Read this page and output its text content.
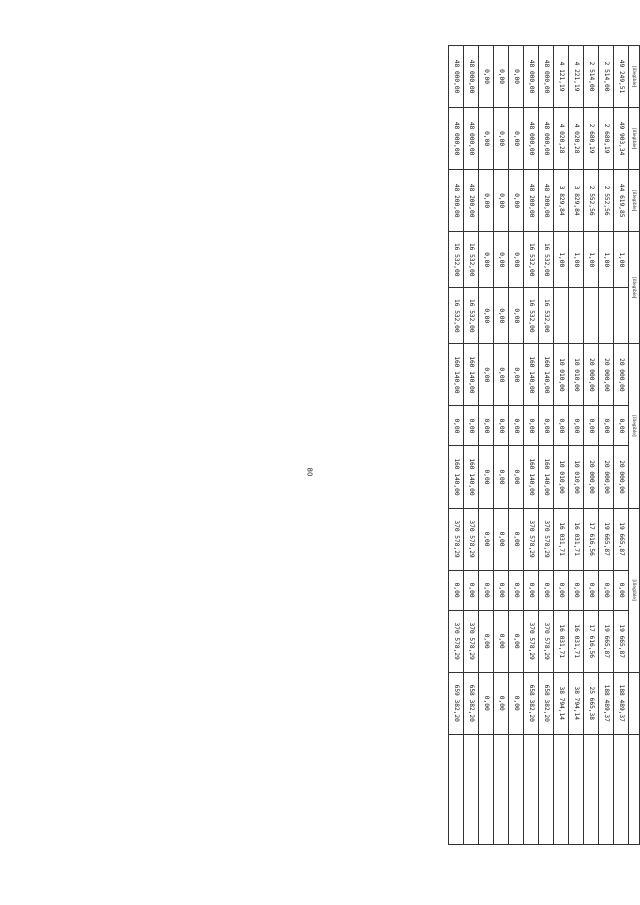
80
[illegible]	[illegible]	[illegible]	[illegible]		[illegible]			[illegible]				
49 249,51	49 903,34	44 619,85	1,00		20 000,00	0,00	20 000,00	19 665,87	0,00	19 665,87	188 489,37	
2 514,00	2 680,19	2 552,56	1,00		20 000,00	0,00	20 000,00	19 665,87	0,00	19 665,87	188 489,37	
2 514,00	2 680,19	2 552,56	1,00		20 000,00	0,00	20 000,00	17 616,56	0,00	17 616,56	25 665,38	
4 221,19	4 020,28	3 829,84	1,00		10 010,00	0,00	10 010,00	16 031,71	0,00	16 031,71	38 794,14	
4 121,19	4 020,28	3 829,84	1,00		10 010,00	0,00	10 010,00	16 031,71	0,00	16 031,71	38 794,14	
48 000,00	48 000,00	48 200,00	16 532,00	16 532,00	160 140,00	0,00	160 140,00	370 578,29	0,00	370 578,29	658 382,20	
48 000,00	48 000,00	48 200,00	16 532,00	16 532,00	160 140,00	0,00	160 140,00	370 578,29	0,00	370 578,29	658 382,20	
0,00	0,00	0,00	0,00	0,00	0,00	0,00	0,00	0,00	0,00	0,00	0,00	
0,00	0,00	0,00	0,00	0,00	0,00	0,00	0,00	0,00	0,00	0,00	0,00	
0,00	0,00	0,00	0,00	0,00	0,00	0,00	0,00	0,00	0,00	0,00	0,00	
48 000,00	48 000,00	48 200,00	16 532,00	16 532,00	160 140,00	0,00	160 140,00	370 578,29	0,00	370 578,29	658 382,20	
48 000,00	48 000,00	48 200,00	16 532,00	16 532,00	160 140,00	0,00	160 140,00	370 578,29	0,00	370 578,29	659 382,20	
